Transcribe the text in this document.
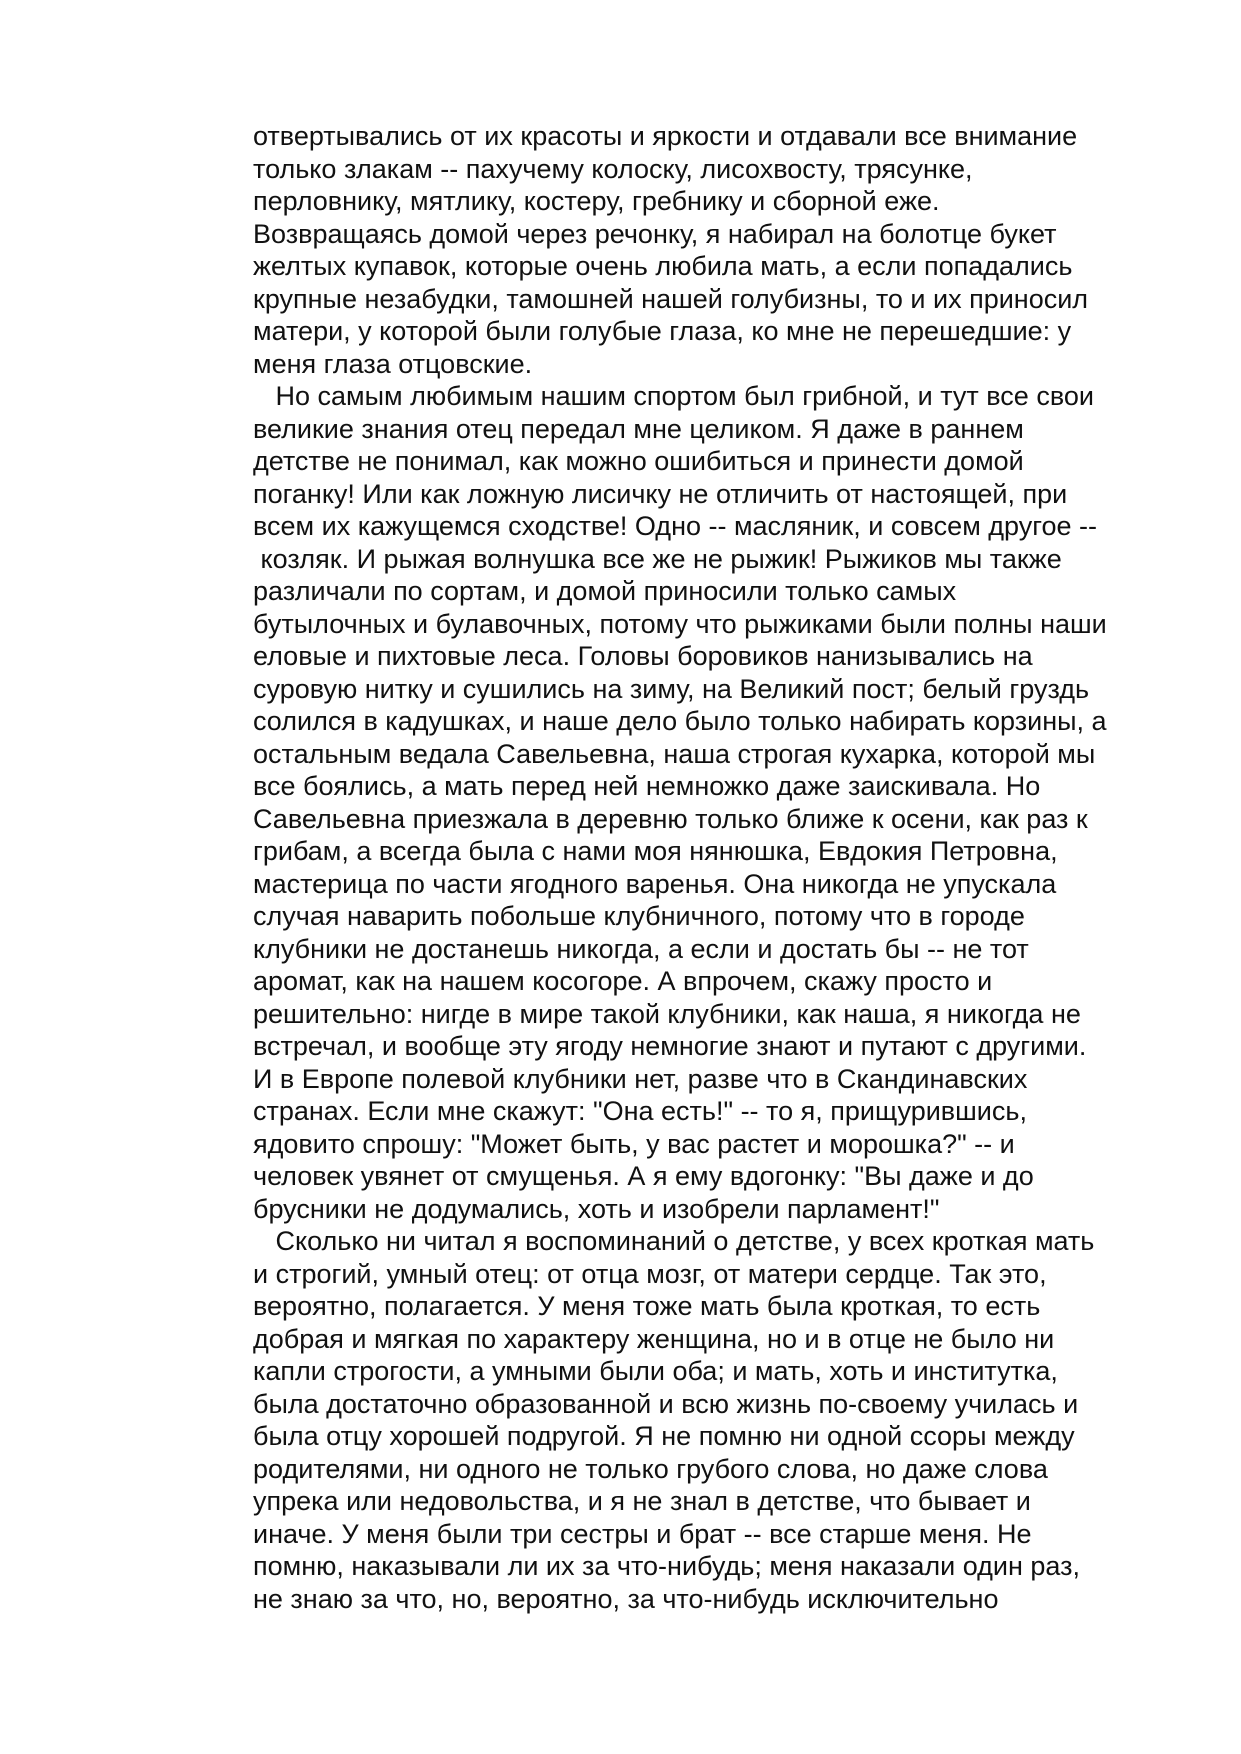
отвертывались от их красоты и яркости и отдавали все внимание
только злакам -- пахучему колоску, лисохвосту, трясунке,
перловнику, мятлику, костеру, гребнику и сборной еже.
Возвращаясь домой через речонку, я набирал на болотце букет
желтых купавок, которые очень любила мать, а если попадались
крупные незабудки, тамошней нашей голубизны, то и их приносил
матери, у которой были голубые глаза, ко мне не перешедшие: у
меня глаза отцовские.
Но самым любимым нашим спортом был грибной, и тут все свои
великие знания отец передал мне целиком. Я даже в раннем
детстве не понимал, как можно ошибиться и принести домой
поганку! Или как ложную лисичку не отличить от настоящей, при
всем их кажущемся сходстве! Одно -- масляник, и совсем другое --
козляк. И рыжая волнушка все же не рыжик! Рыжиков мы также
различали по сортам, и домой приносили только самых
бутылочных и булавочных, потому что рыжиками были полны наши
еловые и пихтовые леса. Головы боровиков нанизывались на
суровую нитку и сушились на зиму, на Великий пост; белый груздь
солился в кадушках, и наше дело было только набирать корзины, а
остальным ведала Савельевна, наша строгая кухарка, которой мы
все боялись, а мать перед ней немножко даже заискивала. Но
Савельевна приезжала в деревню только ближе к осени, как раз к
грибам, а всегда была с нами моя нянюшка, Евдокия Петровна,
мастерица по части ягодного варенья. Она никогда не упускала
случая наварить побольше клубничного, потому что в городе
клубники не достанешь никогда, а если и достать бы -- не тот
аромат, как на нашем косогоре. А впрочем, скажу просто и
решительно: нигде в мире такой клубники, как наша, я никогда не
встречал, и вообще эту ягоду немногие знают и путают с другими.
И в Европе полевой клубники нет, разве что в Скандинавских
странах. Если мне скажут: "Она есть!" -- то я, прищурившись,
ядовито спрошу: "Может быть, у вас растет и морошка?" -- и
человек увянет от смущенья. А я ему вдогонку: "Вы даже и до
брусники не додумались, хоть и изобрели парламент!"
Сколько ни читал я воспоминаний о детстве, у всех кроткая мать
и строгий, умный отец: от отца мозг, от матери сердце. Так это,
вероятно, полагается. У меня тоже мать была кроткая, то есть
добрая и мягкая по характеру женщина, но и в отце не было ни
капли строгости, а умными были оба; и мать, хоть и институтка,
была достаточно образованной и всю жизнь по-своему училась и
была отцу хорошей подругой. Я не помню ни одной ссоры между
родителями, ни одного не только грубого слова, но даже слова
упрека или недовольства, и я не знал в детстве, что бывает и
иначе. У меня были три сестры и брат -- все старше меня. Не
помню, наказывали ли их за что-нибудь; меня наказали один раз,
не знаю за что, но, вероятно, за что-нибудь исключительно
